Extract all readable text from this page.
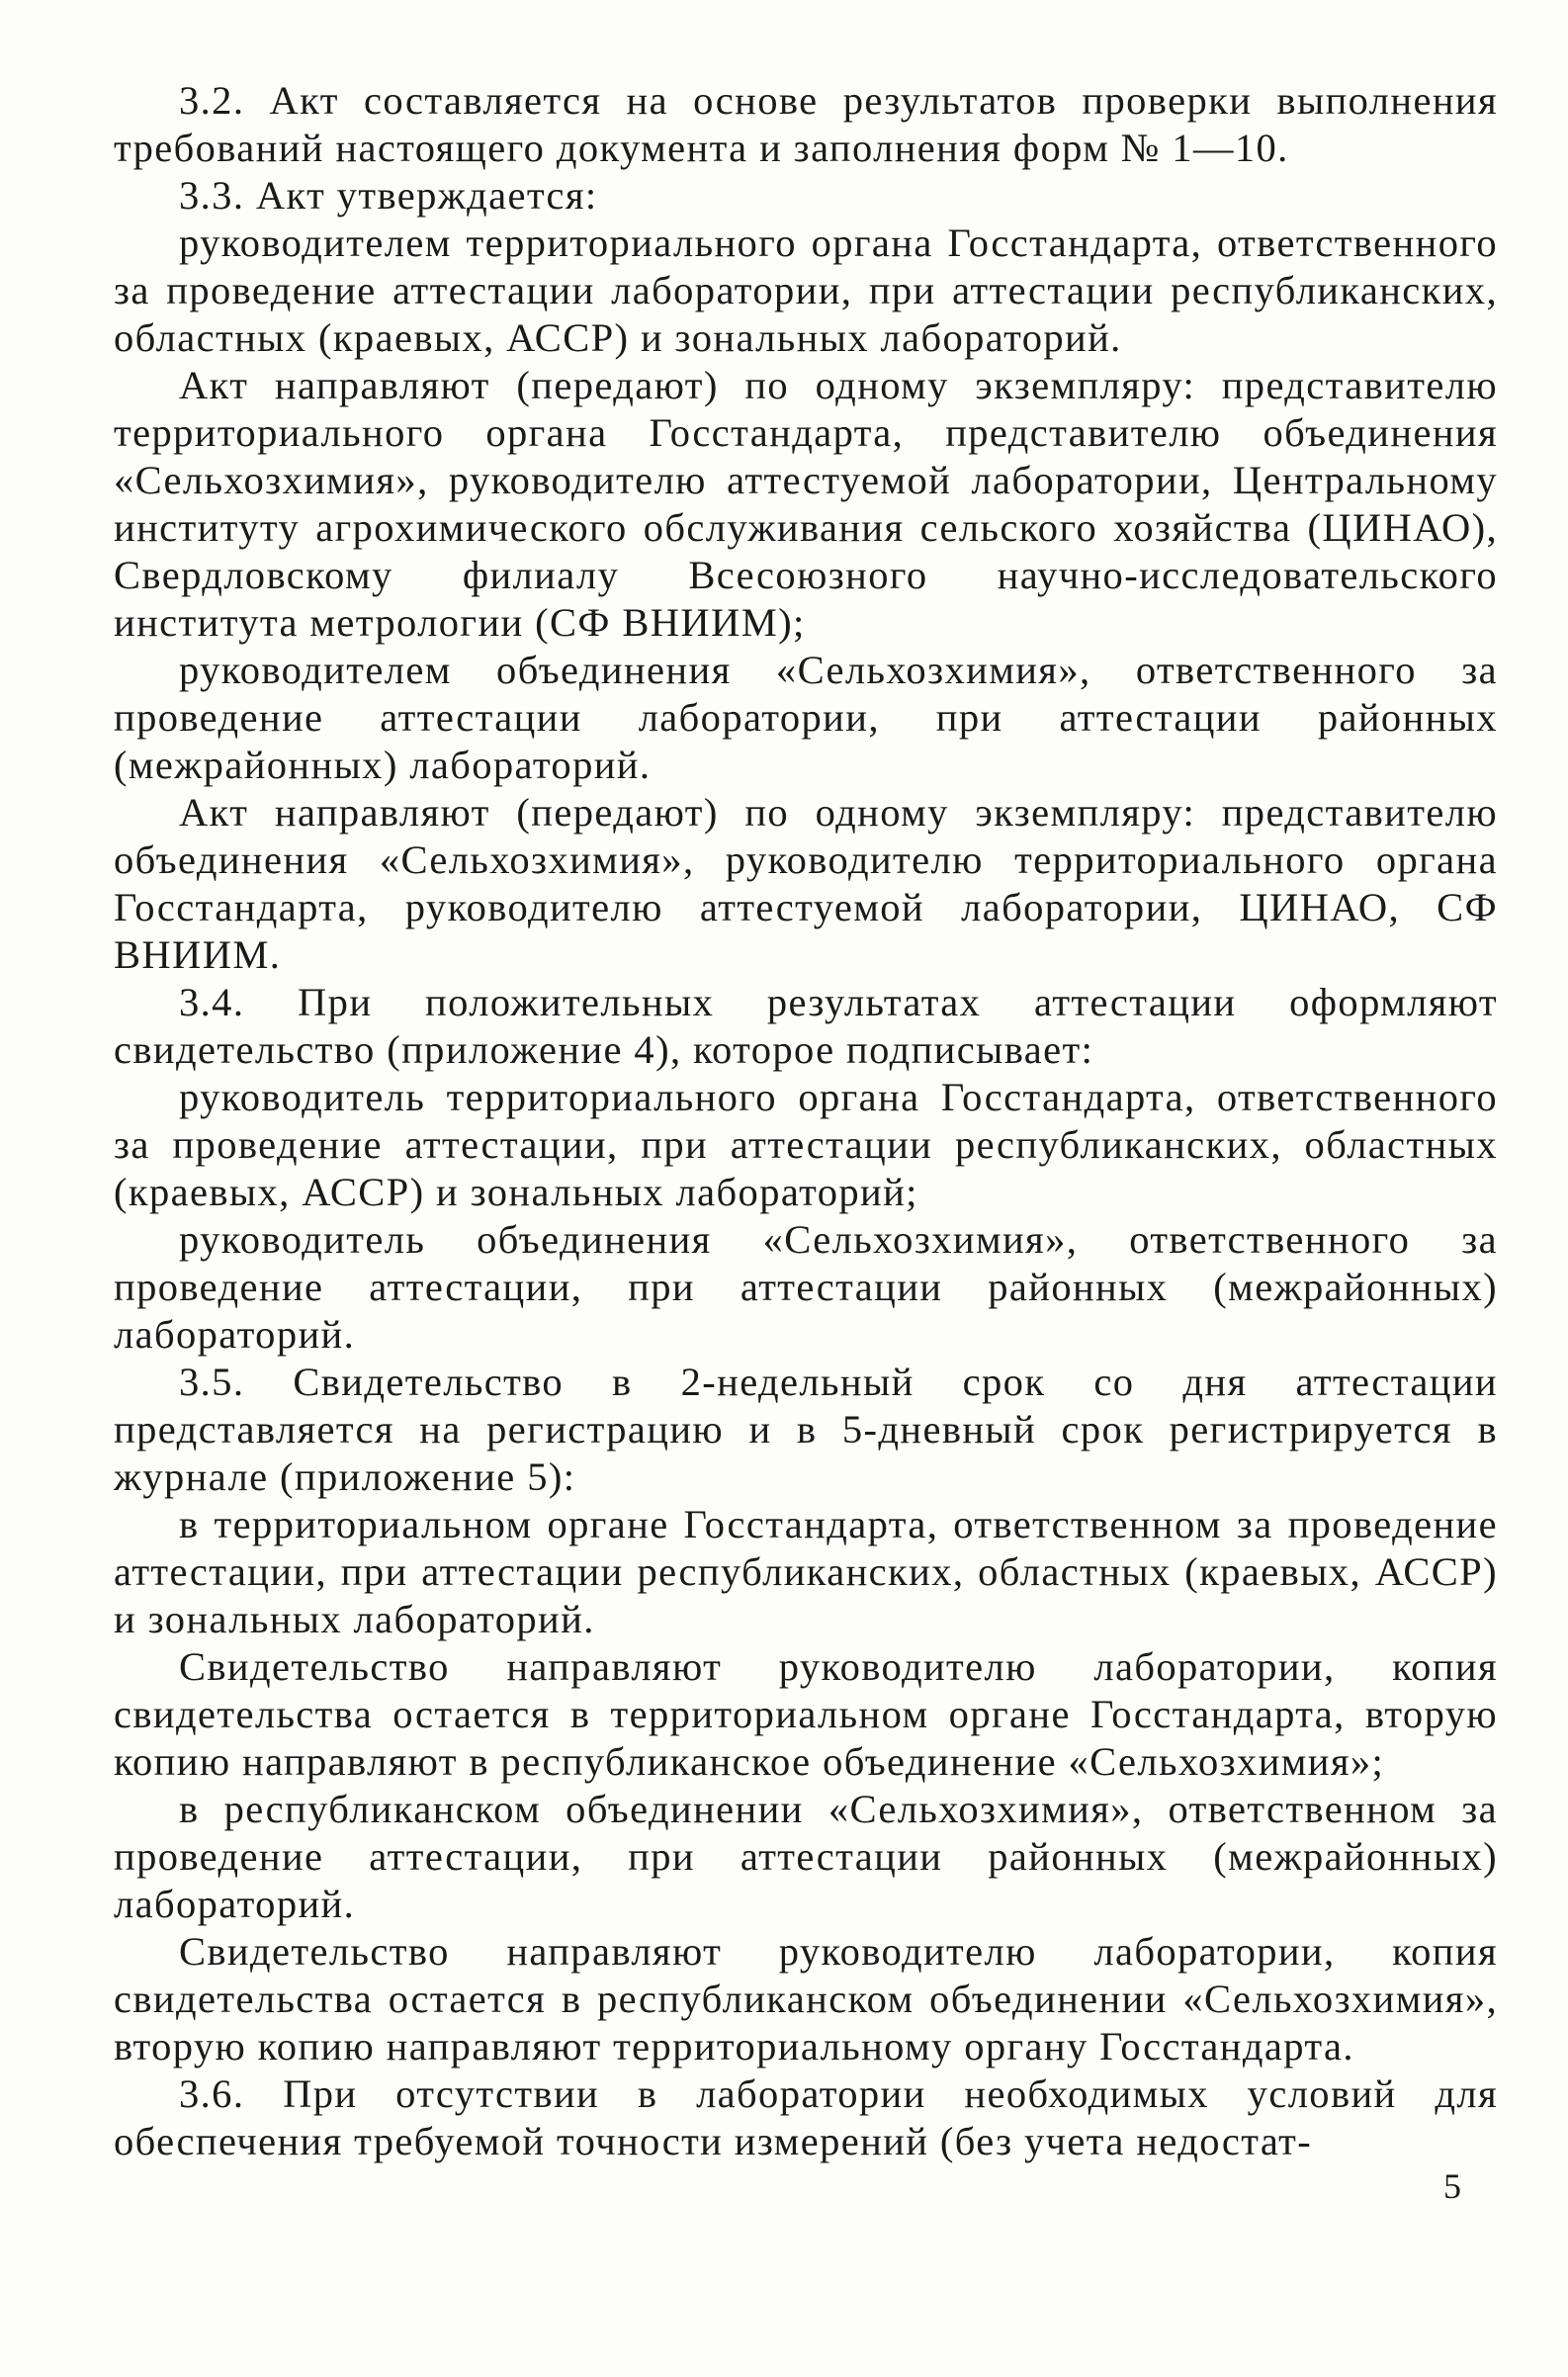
3.2. Акт составляется на основе результатов проверки выполнения требований настоящего документа и заполнения форм № 1—10.

3.3. Акт утверждается:

руководителем территориального органа Госстандарта, ответственного за проведение аттестации лаборатории, при аттестации республиканских, областных (краевых, АССР) и зональных лабораторий.

Акт направляют (передают) по одному экземпляру: представителю территориального органа Госстандарта, представителю объединения «Сельхозхимия», руководителю аттестуемой лаборатории, Центральному институту агрохимического обслуживания сельского хозяйства (ЦИНАО), Свердловскому филиалу Всесоюзного научно-исследовательского института метрологии (СФ ВНИИМ);

руководителем объединения «Сельхозхимия», ответственного за проведение аттестации лаборатории, при аттестации районных (межрайонных) лабораторий.

Акт направляют (передают) по одному экземпляру: представителю объединения «Сельхозхимия», руководителю территориального органа Госстандарта, руководителю аттестуемой лаборатории, ЦИНАО, СФ ВНИИМ.

3.4. При положительных результатах аттестации оформляют свидетельство (приложение 4), которое подписывает:

руководитель территориального органа Госстандарта, ответственного за проведение аттестации, при аттестации республиканских, областных (краевых, АССР) и зональных лабораторий;

руководитель объединения «Сельхозхимия», ответственного за проведение аттестации, при аттестации районных (межрайонных) лабораторий.

3.5. Свидетельство в 2-недельный срок со дня аттестации представляется на регистрацию и в 5-дневный срок регистрируется в журнале (приложение 5):

в территориальном органе Госстандарта, ответственном за проведение аттестации, при аттестации республиканских, областных (краевых, АССР) и зональных лабораторий.

Свидетельство направляют руководителю лаборатории, копия свидетельства остается в территориальном органе Госстандарта, вторую копию направляют в республиканское объединение «Сельхозхимия»;

в республиканском объединении «Сельхозхимия», ответственном за проведение аттестации, при аттестации районных (межрайонных) лабораторий.

Свидетельство направляют руководителю лаборатории, копия свидетельства остается в республиканском объединении «Сельхозхимия», вторую копию направляют территориальному органу Госстандарта.

3.6. При отсутствии в лаборатории необходимых условий для обеспечения требуемой точности измерений (без учета недостат-

5
